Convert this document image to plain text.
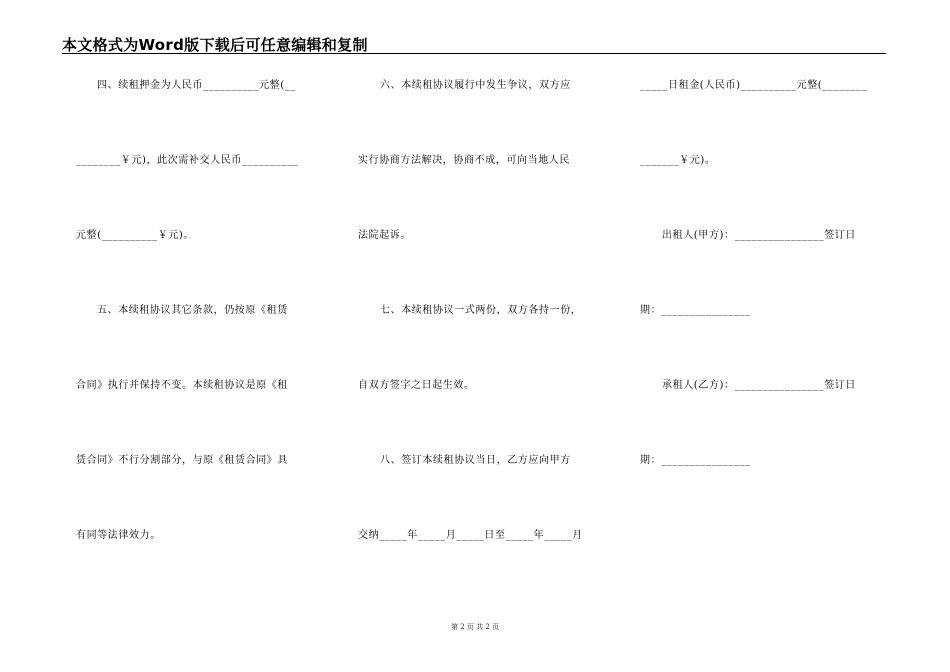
本文格式为Word版下载后可任意编辑和复制
四、续租押金为人民币__________元整(__
________￥元)，此次需补交人民币__________
元整(__________￥元)。
五、本续租协议其它条款，仍按原《租赁
合同》执行并保持不变。本续租协议是原《租
赁合同》不行分割部分，与原《租赁合同》具
有同等法律效力。
六、本续租协议履行中发生争议，双方应
实行协商方法解决，协商不成，可向当地人民
法院起诉。
七、本续租协议一式两份，双方各持一份，
自双方签字之日起生效。
八、签订本续租协议当日，乙方应向甲方
交纳_____年_____月_____日至_____年_____月
_____日租金(人民币)__________元整(________
_______￥元)。
出租人(甲方)：________________签订日
期：________________
承租人(乙方)：________________签订日
期：________________
第 2 页 共 2 页
